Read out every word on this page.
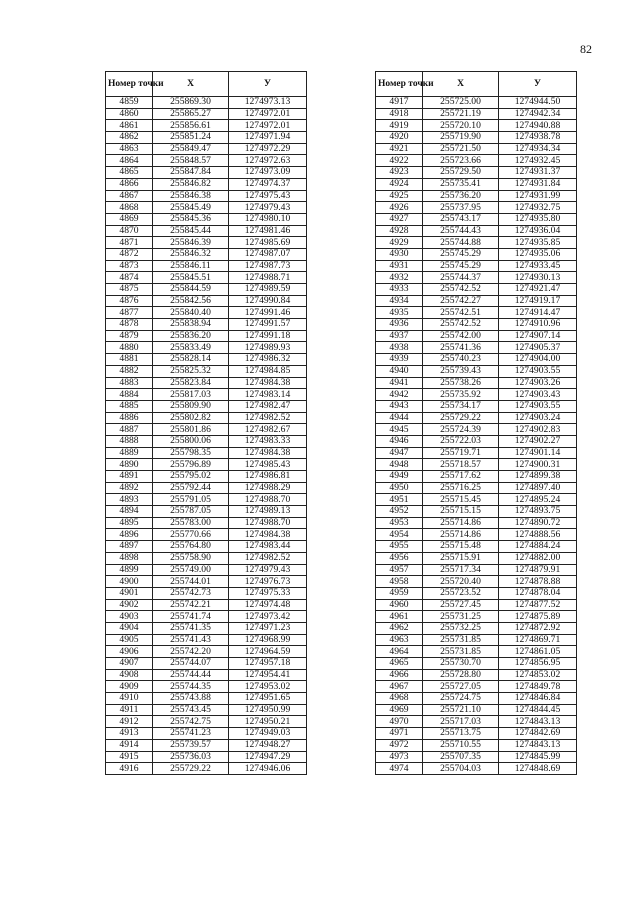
82
Номер точки	X	У
4859	255869.30	1274973.13
4860	255865.27	1274972.01
4861	255856.61	1274972.01
4862	255851.24	1274971.94
4863	255849.47	1274972.29
4864	255848.57	1274972.63
4865	255847.84	1274973.09
4866	255846.82	1274974.37
4867	255846.38	1274975.43
4868	255845.49	1274979.43
4869	255845.36	1274980.10
4870	255845.44	1274981.46
4871	255846.39	1274985.69
4872	255846.32	1274987.07
4873	255846.11	1274987.73
4874	255845.51	1274988.71
4875	255844.59	1274989.59
4876	255842.56	1274990.84
4877	255840.40	1274991.46
4878	255838.94	1274991.57
4879	255836.20	1274991.18
4880	255833.49	1274989.93
4881	255828.14	1274986.32
4882	255825.32	1274984.85
4883	255823.84	1274984.38
4884	255817.03	1274983.14
4885	255809.90	1274982.47
4886	255802.82	1274982.52
4887	255801.86	1274982.67
4888	255800.06	1274983.33
4889	255798.35	1274984.38
4890	255796.89	1274985.43
4891	255795.02	1274986.81
4892	255792.44	1274988.29
4893	255791.05	1274988.70
4894	255787.05	1274989.13
4895	255783.00	1274988.70
4896	255770.66	1274984.38
4897	255764.80	1274983.44
4898	255758.90	1274982.52
4899	255749.00	1274979.43
4900	255744.01	1274976.73
4901	255742.73	1274975.33
4902	255742.21	1274974.48
4903	255741.74	1274973.42
4904	255741.35	1274971.23
4905	255741.43	1274968.99
4906	255742.20	1274964.59
4907	255744.07	1274957.18
4908	255744.44	1274954.41
4909	255744.35	1274953.02
4910	255743.88	1274951.65
4911	255743.45	1274950.99
4912	255742.75	1274950.21
4913	255741.23	1274949.03
4914	255739.57	1274948.27
4915	255736.03	1274947.29
4916	255729.22	1274946.06
Номер точки	X	У
4917	255725.00	1274944.50
4918	255721.19	1274942.34
4919	255720.10	1274940.88
4920	255719.90	1274938.78
4921	255721.50	1274934.34
4922	255723.66	1274932.45
4923	255729.50	1274931.37
4924	255735.41	1274931.84
4925	255736.20	1274931.99
4926	255737.95	1274932.75
4927	255743.17	1274935.80
4928	255744.43	1274936.04
4929	255744.88	1274935.85
4930	255745.29	1274935.06
4931	255745.29	1274933.45
4932	255744.37	1274930.13
4933	255742.52	1274921.47
4934	255742.27	1274919.17
4935	255742.51	1274914.47
4936	255742.52	1274910.96
4937	255742.00	1274907.14
4938	255741.36	1274905.37
4939	255740.23	1274904.00
4940	255739.43	1274903.55
4941	255738.26	1274903.26
4942	255735.92	1274903.43
4943	255734.17	1274903.55
4944	255729.22	1274903.24
4945	255724.39	1274902.83
4946	255722.03	1274902.27
4947	255719.71	1274901.14
4948	255718.57	1274900.31
4949	255717.62	1274899.38
4950	255716.25	1274897.40
4951	255715.45	1274895.24
4952	255715.15	1274893.75
4953	255714.86	1274890.72
4954	255714.86	1274888.56
4955	255715.48	1274884.24
4956	255715.91	1274882.00
4957	255717.34	1274879.91
4958	255720.40	1274878.88
4959	255723.52	1274878.04
4960	255727.45	1274877.52
4961	255731.25	1274875.89
4962	255732.25	1274872.92
4963	255731.85	1274869.71
4964	255731.85	1274861.05
4965	255730.70	1274856.95
4966	255728.80	1274853.02
4967	255727.05	1274849.78
4968	255724.75	1274846.84
4969	255721.10	1274844.45
4970	255717.03	1274843.13
4971	255713.75	1274842.69
4972	255710.55	1274843.13
4973	255707.35	1274845.99
4974	255704.03	1274848.69
